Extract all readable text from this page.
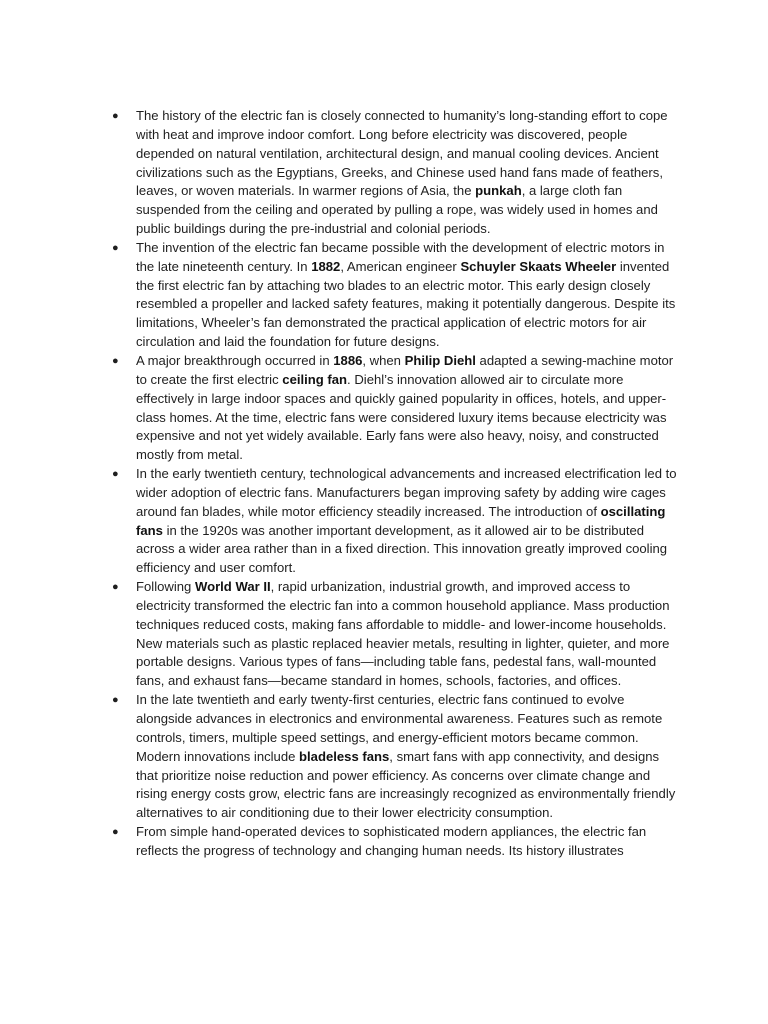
● The history of the electric fan is closely connected to humanity’s long-standing effort to cope with heat and improve indoor comfort. Long before electricity was discovered, people depended on natural ventilation, architectural design, and manual cooling devices. Ancient civilizations such as the Egyptians, Greeks, and Chinese used hand fans made of feathers, leaves, or woven materials. In warmer regions of Asia, the punkah, a large cloth fan suspended from the ceiling and operated by pulling a rope, was widely used in homes and public buildings during the pre-industrial and colonial periods.
● The invention of the electric fan became possible with the development of electric motors in the late nineteenth century. In 1882, American engineer Schuyler Skaats Wheeler invented the first electric fan by attaching two blades to an electric motor. This early design closely resembled a propeller and lacked safety features, making it potentially dangerous. Despite its limitations, Wheeler’s fan demonstrated the practical application of electric motors for air circulation and laid the foundation for future designs.
● A major breakthrough occurred in 1886, when Philip Diehl adapted a sewing-machine motor to create the first electric ceiling fan. Diehl’s innovation allowed air to circulate more effectively in large indoor spaces and quickly gained popularity in offices, hotels, and upper-class homes. At the time, electric fans were considered luxury items because electricity was expensive and not yet widely available. Early fans were also heavy, noisy, and constructed mostly from metal.
● In the early twentieth century, technological advancements and increased electrification led to wider adoption of electric fans. Manufacturers began improving safety by adding wire cages around fan blades, while motor efficiency steadily increased. The introduction of oscillating fans in the 1920s was another important development, as it allowed air to be distributed across a wider area rather than in a fixed direction. This innovation greatly improved cooling efficiency and user comfort.
● Following World War II, rapid urbanization, industrial growth, and improved access to electricity transformed the electric fan into a common household appliance. Mass production techniques reduced costs, making fans affordable to middle- and lower-income households. New materials such as plastic replaced heavier metals, resulting in lighter, quieter, and more portable designs. Various types of fans—including table fans, pedestal fans, wall-mounted fans, and exhaust fans—became standard in homes, schools, factories, and offices.
● In the late twentieth and early twenty-first centuries, electric fans continued to evolve alongside advances in electronics and environmental awareness. Features such as remote controls, timers, multiple speed settings, and energy-efficient motors became common. Modern innovations include bladeless fans, smart fans with app connectivity, and designs that prioritize noise reduction and power efficiency. As concerns over climate change and rising energy costs grow, electric fans are increasingly recognized as environmentally friendly alternatives to air conditioning due to their lower electricity consumption.
● From simple hand-operated devices to sophisticated modern appliances, the electric fan reflects the progress of technology and changing human needs. Its history illustrates
